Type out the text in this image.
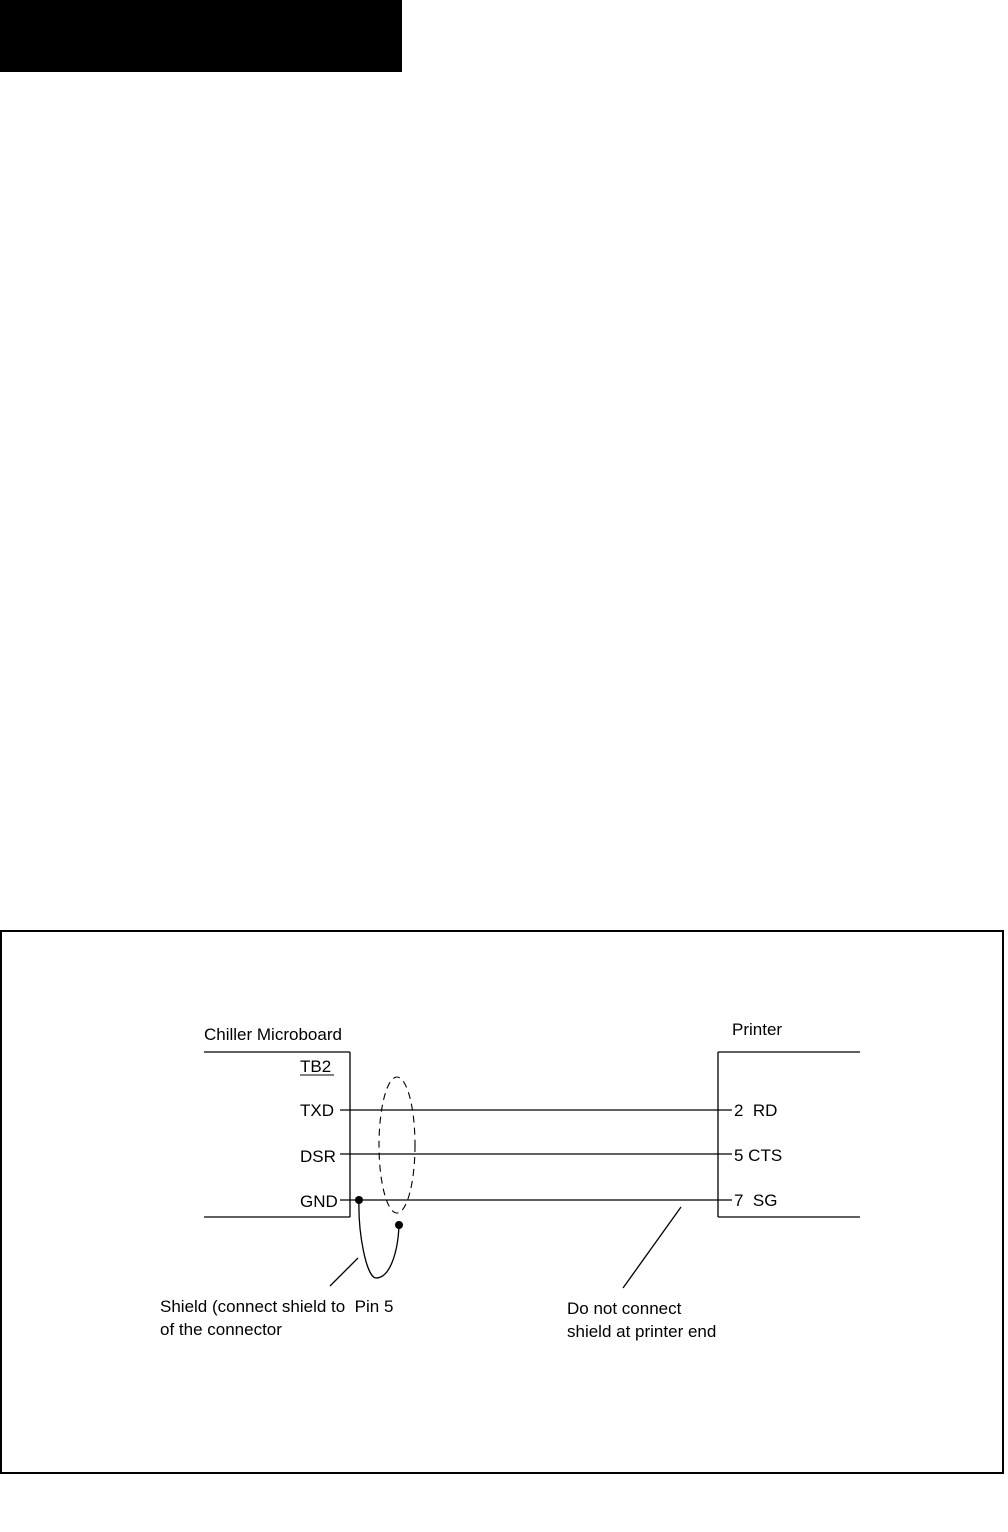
Chiller Microboard
TB2
TXD
DSR
GND
Printer
2  RD
5 CTS
7  SG
Shield (connect shield to  Pin 5
of the connector
Do not connect
shield at printer end
